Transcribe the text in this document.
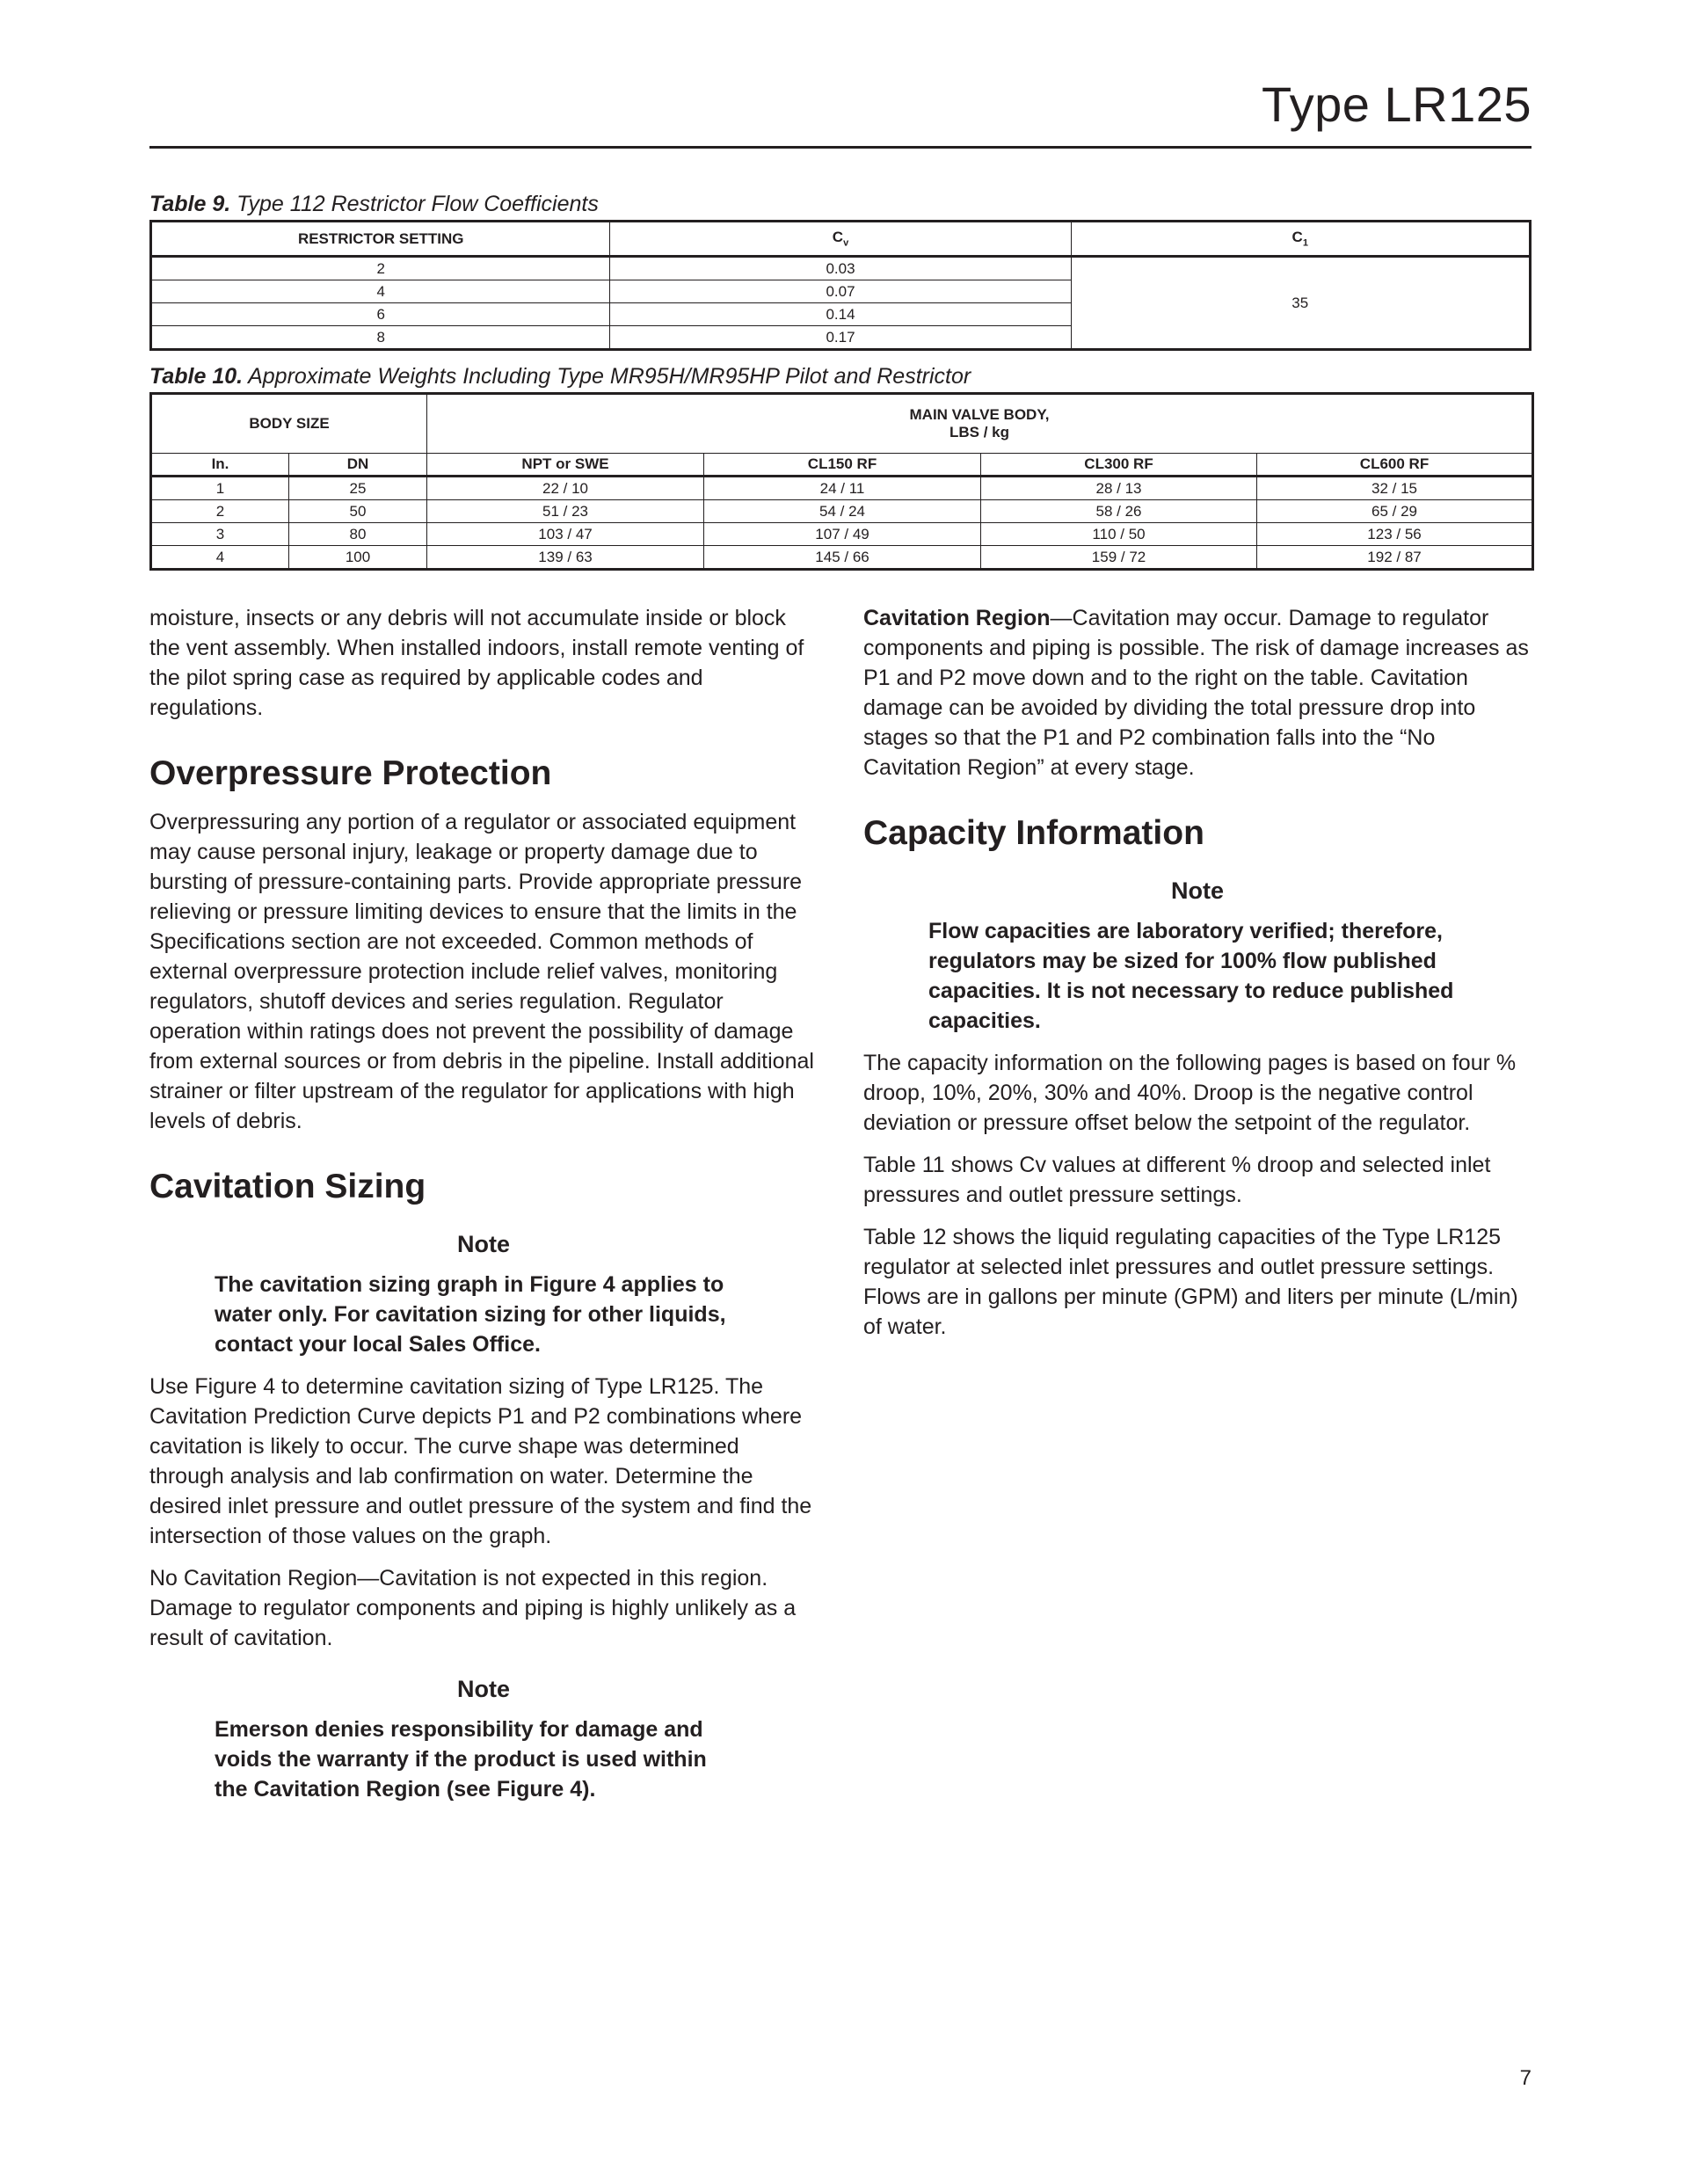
Type LR125

Table 9. Type 112 Restrictor Flow Coefficients

RESTRICTOR SETTING	$C_v$	$C_1$
2	0.03	35
4	0.07	
6	0.14	
8	0.17	

Table 10. Approximate Weights Including Type MR95H/MR95HP Pilot and Restrictor

BODY SIZE		MAIN VALVE BODY,
LBS / kg			

In.	DN	NPT or SWE	CL150 RF	CL300 RF	CL600 RF
1	25	22 / 10	24 / 11	28 / 13	32 / 15
2	50	51 / 23	54 / 24	58 / 26	65 / 29
3	80	103 / 47	107 / 49	110 / 50	123 / 56
4	100	139 / 63	145 / 66	159 / 72	192 / 87

moisture, insects or any debris will not accumulate inside or block the vent assembly. When installed indoors, install remote venting of the pilot spring case as required by applicable codes and regulations.

Overpressure Protection

Overpressuring any portion of a regulator or associated equipment may cause personal injury, leakage or property damage due to bursting of pressure-containing parts. Provide appropriate pressure relieving or pressure limiting devices to ensure that the limits in the Specifications section are not exceeded. Common methods of external overpressure protection include relief valves, monitoring regulators, shutoff devices and series regulation. Regulator operation within ratings does not prevent the possibility of damage from external sources or from debris in the pipeline. Install additional strainer or filter upstream of the regulator for applications with high levels of debris.

Cavitation Sizing
Note

The cavitation sizing graph in Figure 4 applies to water only. For cavitation sizing for other liquids, contact your local Sales Office.

Use Figure 4 to determine cavitation sizing of Type LR125. The Cavitation Prediction Curve depicts P1 and P2 combinations where cavitation is likely to occur. The curve shape was determined through analysis and lab confirmation on water. Determine the desired inlet pressure and outlet pressure of the system and find the intersection of those values on the graph.

No Cavitation Region—Cavitation is not expected in this region. Damage to regulator components and piping is highly unlikely as a result of cavitation.

Note

Emerson denies responsibility for damage and voids the warranty if the product is used within the Cavitation Region (see Figure 4).

Cavitation Region—Cavitation may occur. Damage to regulator components and piping is possible. The risk of damage increases as P1 and P2 move down and to the right on the table. Cavitation damage can be avoided by dividing the total pressure drop into stages so that the P1 and P2 combination falls into the “No Cavitation Region” at every stage.

Capacity Information
Note

Flow capacities are laboratory verified; therefore, regulators may be sized for 100% flow published capacities. It is not necessary to reduce published capacities.

The capacity information on the following pages is based on four % droop, 10%, 20%, 30% and 40%. Droop is the negative control deviation or pressure offset below the setpoint of the regulator.

Table 11 shows Cv values at different % droop and selected inlet pressures and outlet pressure settings.

Table 12 shows the liquid regulating capacities of the Type LR125 regulator at selected inlet pressures and outlet pressure settings. Flows are in gallons per minute (GPM) and liters per minute (L/min) of water.

7
